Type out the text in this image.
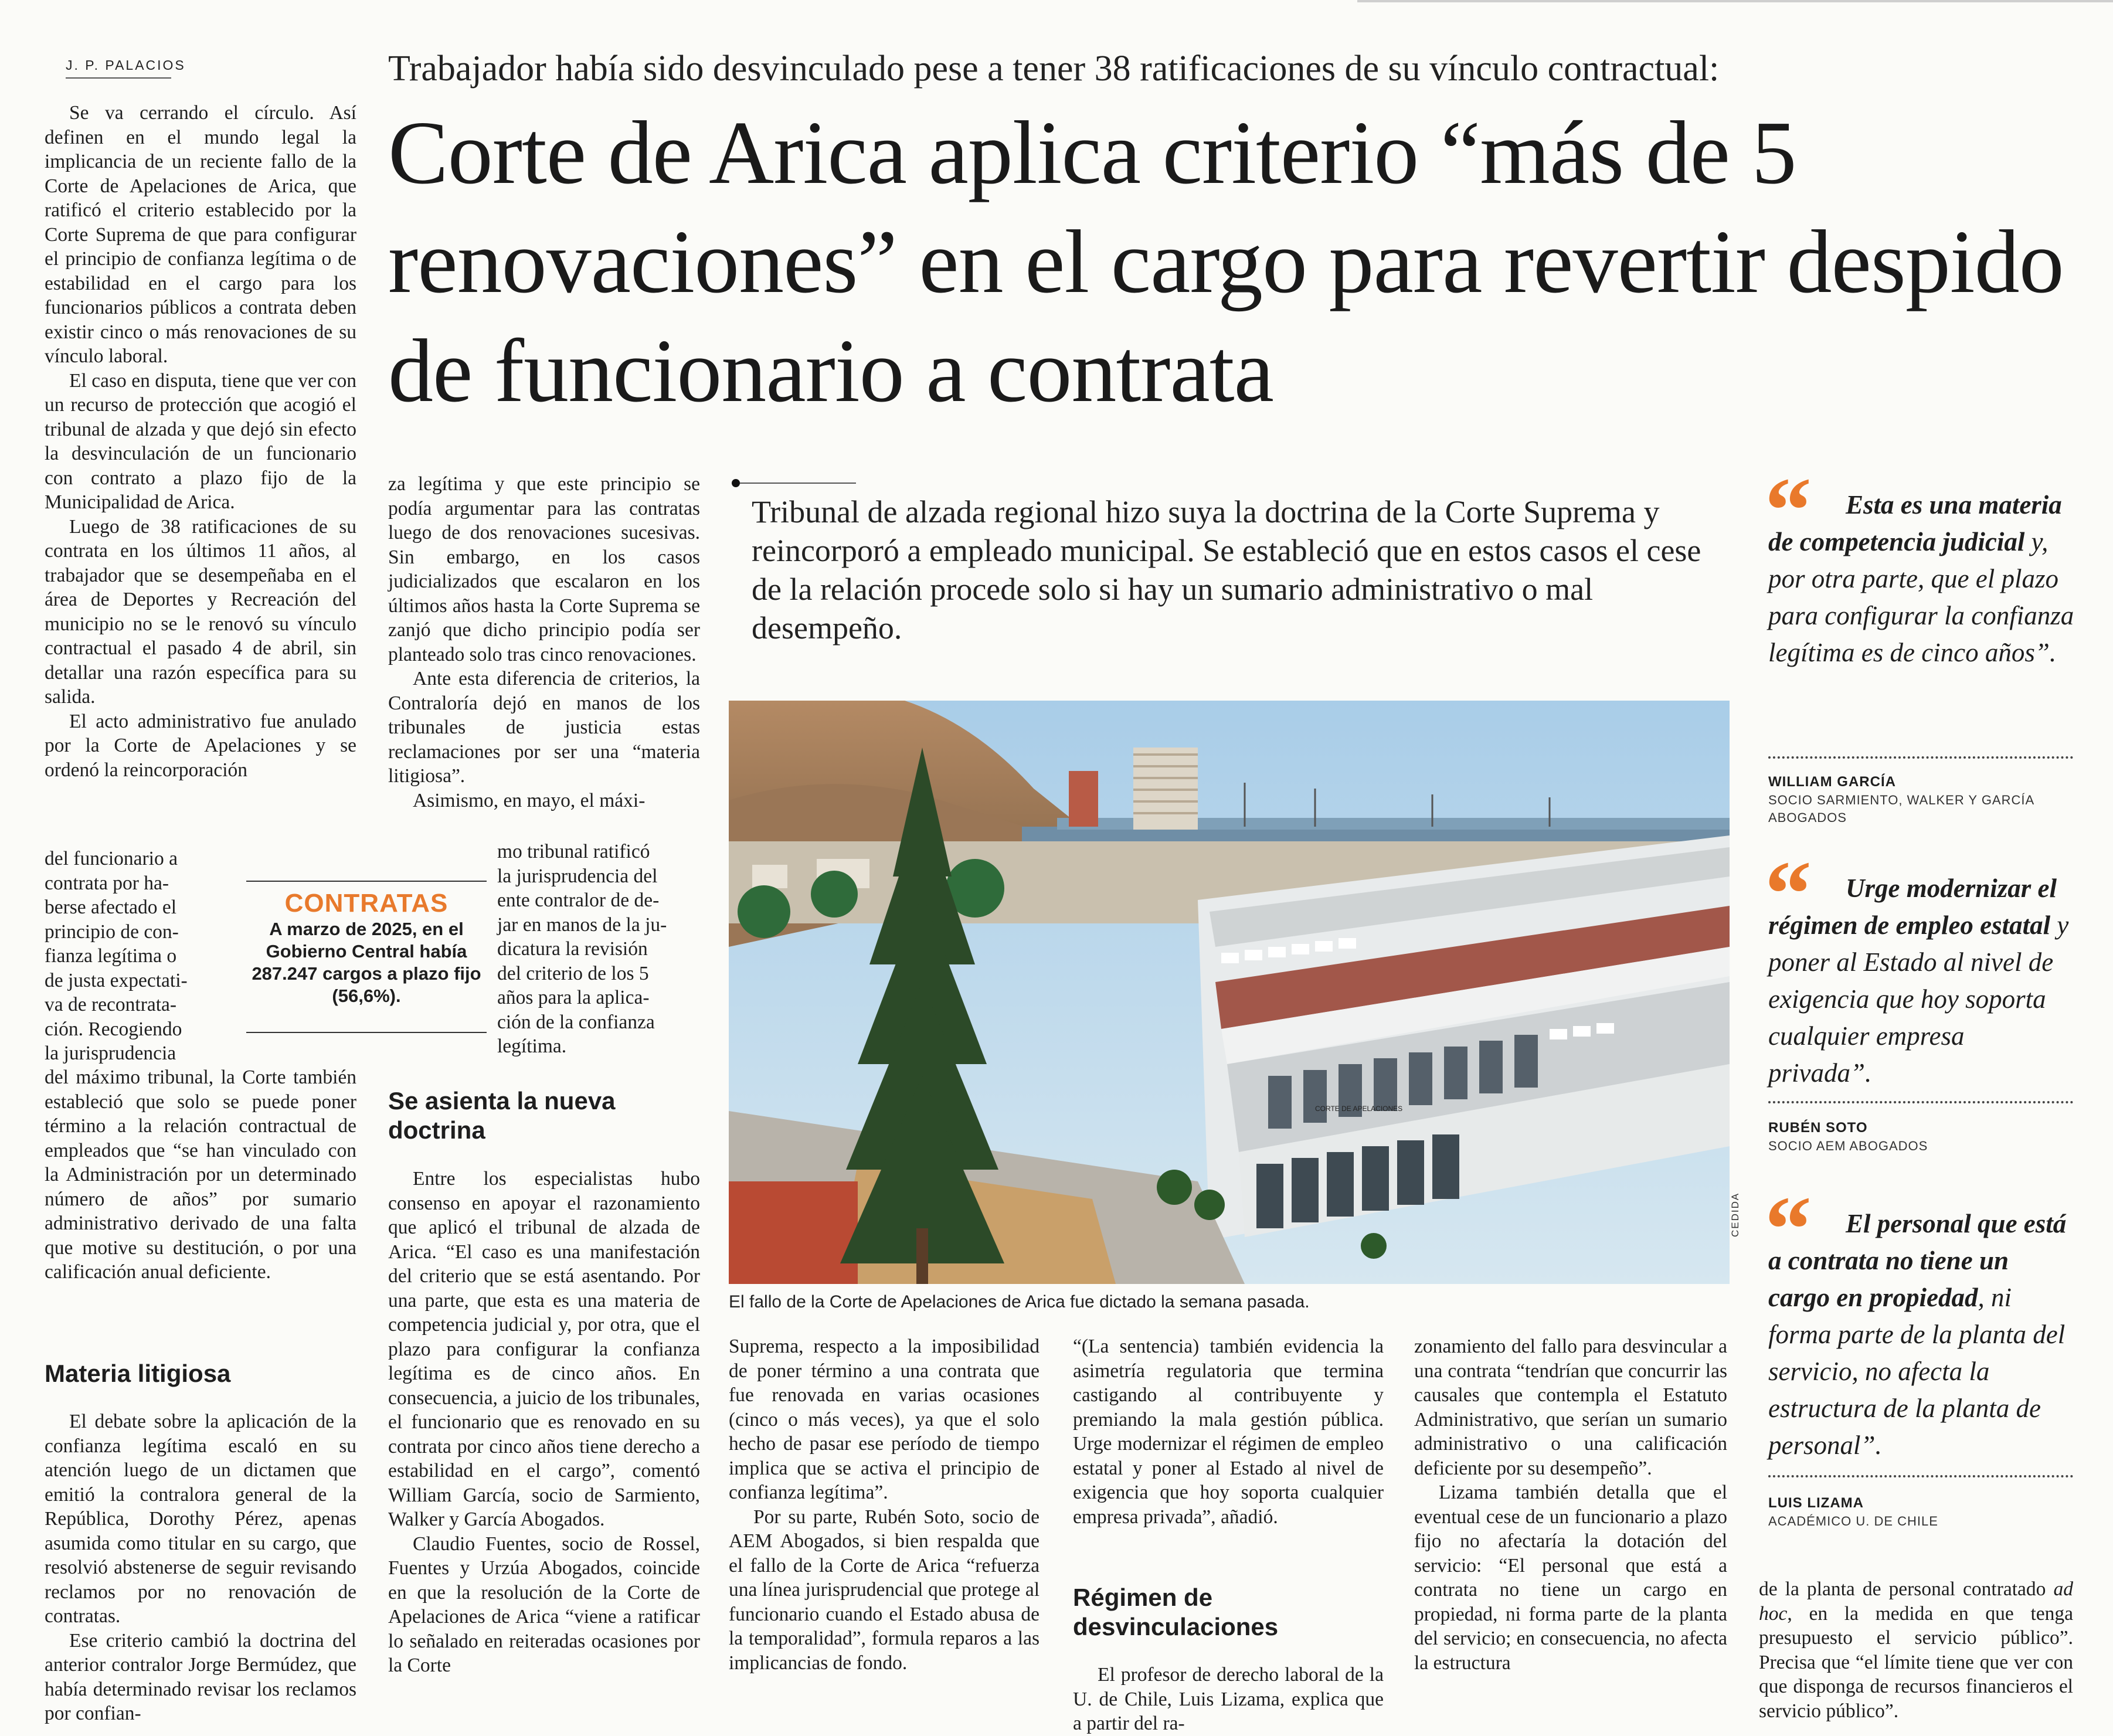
J. P. PALACIOS	Trabajador había sido desvinculado pese a tener 38 ratificaciones de su vínculo contractual:
Corte de Arica aplica criterio “más de 5 renovaciones” en el cargo para revertir despido de funcionario a contrata

Se va cerrando el círculo. Así definen en el mundo legal la implicancia de un reciente fallo de la Corte de Apelaciones de Arica, que ratificó el criterio establecido por la Corte Suprema de que para configurar el principio de confianza legítima o de estabilidad en el cargo para los funcionarios públicos a contrata deben existir cinco o más renovaciones de su vínculo laboral.

El caso en disputa, tiene que ver con un recurso de protección que acogió el tribunal de alzada y que dejó sin efecto la desvinculación de un funcionario con contrato a plazo fijo de la Municipalidad de Arica.

Luego de 38 ratificaciones de su contrata en los últimos 11 años, al trabajador que se desempeñaba en el área de Deportes y Recreación del municipio no se le renovó su vínculo contractual el pasado 4 de abril, sin detallar una razón específica para su salida.

El acto administrativo fue anulado por la Corte de Apelaciones y se ordenó la reincorporación

del funcionario a
contrata por ha-
berse afectado el
principio de con-
fianza legítima o
de justa expectati-
va de recontrata-
ción. Recogiendo
la jurisprudencia
del máximo tribunal, la Corte también estableció que solo se puede poner término a la relación contractual de empleados que “se han vinculado con la Administración por un determinado número de años” por sumario administrativo derivado de una falta que motive su destitución, o por una calificación anual deficiente.
Materia litigiosa

El debate sobre la aplicación de la confianza legítima escaló en su atención luego de un dictamen que emitió la contralora general de la República, Dorothy Pérez, apenas asumida como titular en su cargo, que resolvió abstenerse de seguir revisando reclamos por no renovación de contratas.

Ese criterio cambió la doctrina del anterior contralor Jorge Bermúdez, que había determinado revisar los reclamos por confian-

CONTRATAS
A marzo de 2025, en el Gobierno Central había 287.247 cargos a plazo fijo (56,6%).
za legítima y que este principio se podía argumentar para las contratas luego de dos renovaciones sucesivas. Sin embargo, en los casos judicializados que escalaron en los últimos años hasta la Corte Suprema se zanjó que dicho principio podía ser planteado solo tras cinco renovaciones.

Ante esta diferencia de criterios, la Contraloría dejó en manos de los tribunales de justicia estas reclamaciones por ser una “materia litigiosa”.

Asimismo, en mayo, el máxi-

mo tribunal ratificó
la jurisprudencia del
ente contralor de de-
jar en manos de la ju-
dicatura la revisión
del criterio de los 5
años para la aplica-
ción de la confianza
legítima.
Se asienta la nueva doctrina

Entre los especialistas hubo consenso en apoyar el razonamiento que aplicó el tribunal de alzada de Arica. “El caso es una manifestación del criterio que se está asentando. Por una parte, que esta es una materia de competencia judicial y, por otra, que el plazo para configurar la confianza legítima es de cinco años. En consecuencia, a juicio de los tribunales, el funcionario que es renovado en su contrata por cinco años tiene derecho a estabilidad en el cargo”, comentó William García, socio de Sarmiento, Walker y García Abogados.

Claudio Fuentes, socio de Rossel, Fuentes y Urzúa Abogados, coincide en que la resolución de la Corte de Apelaciones de Arica “viene a ratificar lo señalado en reiteradas ocasiones por la Corte

Tribunal de alzada regional hizo suya la doctrina de la Corte Suprema y reincorporó a empleado municipal. Se estableció que en estos casos el cese de la relación procede solo si hay un sumario administrativo o mal desempeño.
CORTE DE APELACIONES
CEDIDA
El fallo de la Corte de Apelaciones de Arica fue dictado la semana pasada.
Suprema, respecto a la imposibilidad de poner término a una contrata que fue renovada en varias ocasiones (cinco o más veces), ya que el solo hecho de pasar ese período de tiempo implica que se activa el principio de confianza legítima”.

Por su parte, Rubén Soto, socio de AEM Abogados, si bien respalda que el fallo de la Corte de Arica “refuerza una línea jurisprudencial que protege al funcionario cuando el Estado abusa de la temporalidad”, formula reparos a las implicancias de fondo.

“(La sentencia) también evidencia la asimetría regulatoria que termina castigando al contribuyente y premiando la mala gestión pública. Urge modernizar el régimen de empleo estatal y poner al Estado al nivel de exigencia que hoy soporta cualquier empresa privada”, añadió.
Régimen de desvinculaciones

El profesor de derecho laboral de la U. de Chile, Luis Lizama, explica que a partir del ra-

zonamiento del fallo para desvincular a una contrata “tendrían que concurrir las causales que contempla el Estatuto Administrativo, que serían un sumario administrativo o una calificación deficiente por su desempeño”.

Lizama también detalla que el eventual cese de un funcionario a plazo fijo no afectaría la dotación del servicio: “El personal que está a contrata no tiene un cargo en propiedad, ni forma parte de la planta del servicio; en consecuencia, no afecta la estructura

de la planta de personal contratado ad hoc, en la medida en que tenga presupuesto el servicio público”. Precisa que “el límite tiene que ver con que disponga de recursos financieros el servicio público”.
“	Esta es una materia de competencia judicial y, por otra parte, que el plazo para configurar la confianza legítima es de cinco años”.
WILLIAM GARCÍA
SOCIO SARMIENTO, WALKER Y GARCÍA ABOGADOS
“	Urge modernizar el régimen de empleo estatal y poner al Estado al nivel de exigencia que hoy soporta cualquier empresa privada”.
RUBÉN SOTO
SOCIO AEM ABOGADOS
“	El personal que está a contrata no tiene un cargo en propiedad, ni forma parte de la planta del servicio, no afecta la estructura de la planta de personal”.
LUIS LIZAMA
ACADÉMICO U. DE CHILE
